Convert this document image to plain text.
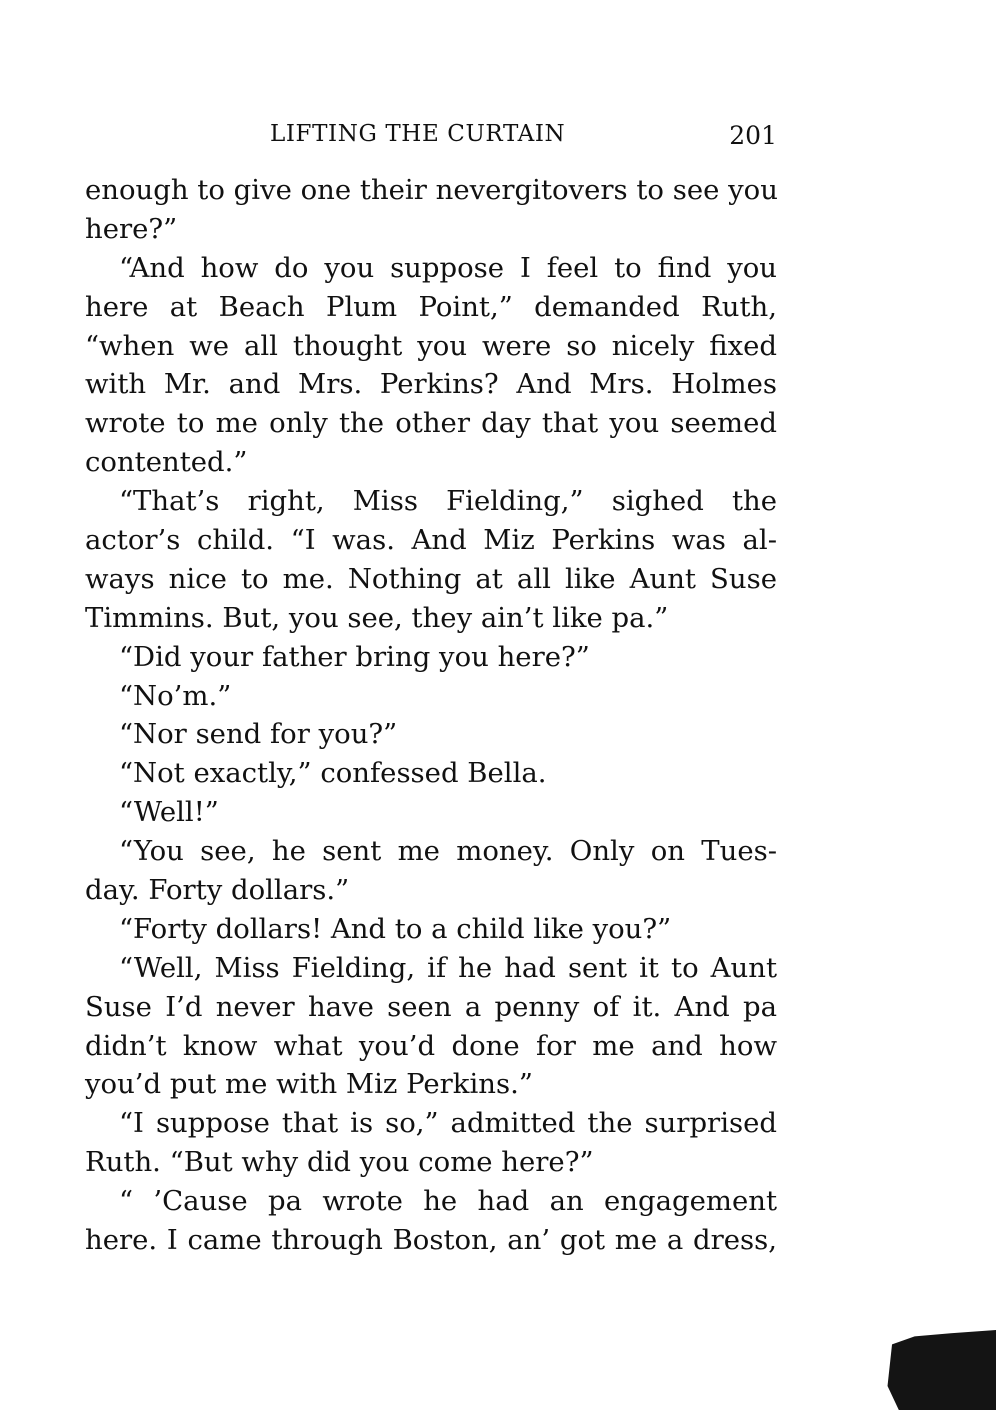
LIFTING THE CURTAIN	201
enough to give one their nevergitovers to see you
here?”
“And how do you suppose I feel to find you
here at Beach Plum Point,” demanded Ruth,
“when we all thought you were so nicely fixed
with Mr. and Mrs. Perkins? And Mrs. Holmes
wrote to me only the other day that you seemed
contented.”
“That’s right, Miss Fielding,” sighed the
actor’s child. “I was. And Miz Perkins was al-
ways nice to me. Nothing at all like Aunt Suse
Timmins. But, you see, they ain’t like pa.”
“Did your father bring you here?”
“No’m.”
“Nor send for you?”
“Not exactly,” confessed Bella.
“Well!”
“You see, he sent me money. Only on Tues-
day. Forty dollars.”
“Forty dollars! And to a child like you?”
“Well, Miss Fielding, if he had sent it to Aunt
Suse I’d never have seen a penny of it. And pa
didn’t know what you’d done for me and how
you’d put me with Miz Perkins.”
“I suppose that is so,” admitted the surprised
Ruth. “But why did you come here?”
“ ’Cause pa wrote he had an engagement
here. I came through Boston, an’ got me a dress,
